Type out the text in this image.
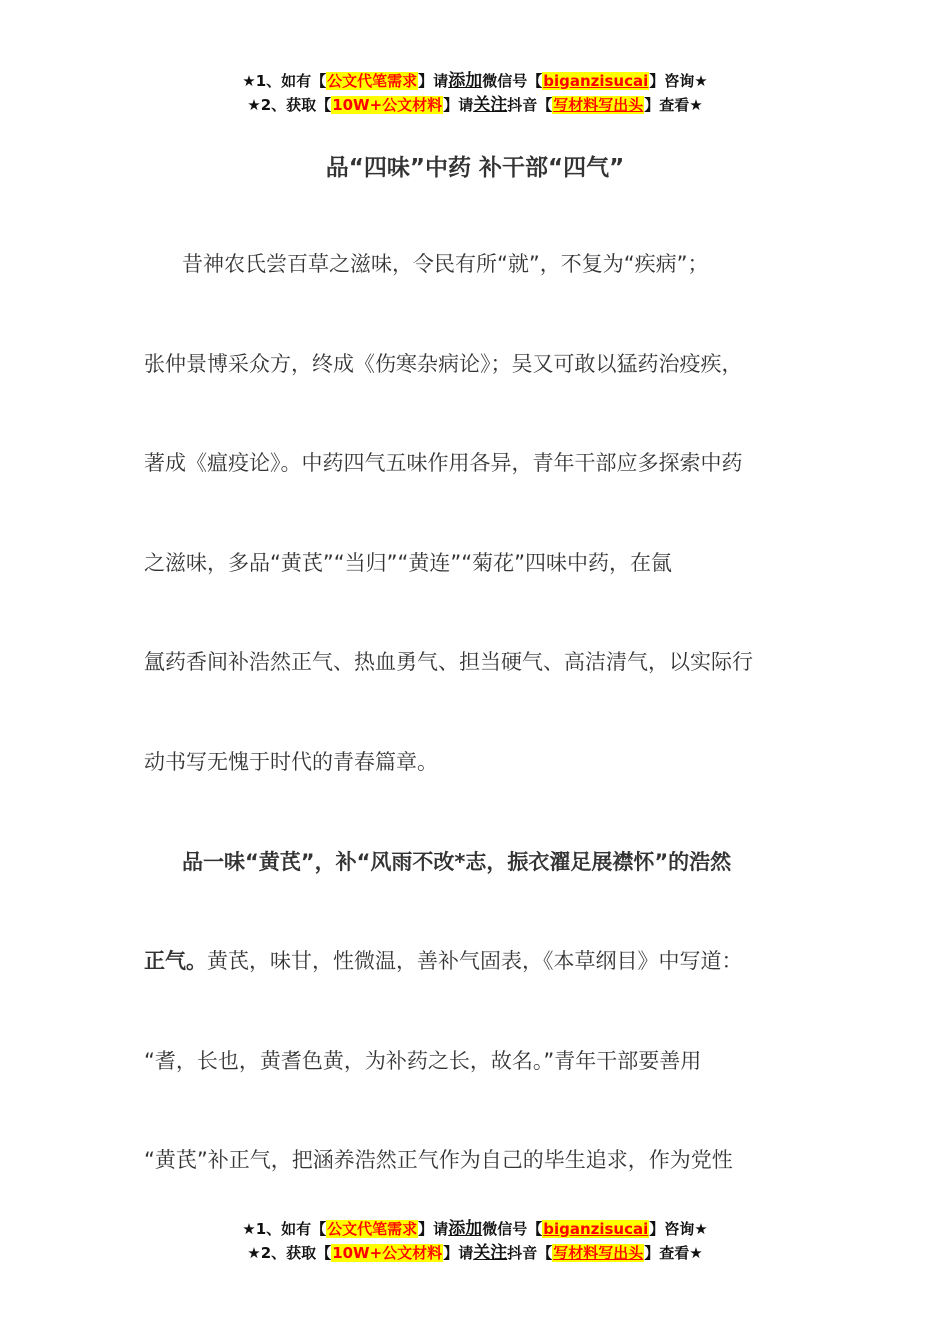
★1、如有【公文代笔需求】请添加微信号【biganzisucai】咨询★
★2、获取【10W+公文材料】请关注抖音【写材料写出头】查看★
品“四味”中药 补干部“四气”
昔神农氏尝百草之滋味，令民有所“就”，不复为“疾病”；
张仲景博采众方，终成《伤寒杂病论》；吴又可敢以猛药治疫疾，
著成《瘟疫论》。中药四气五味作用各异，青年干部应多探索中药
之滋味，多品“黄芪”“当归”“黄连”“菊花”四味中药，在氤
氲药香间补浩然正气、热血勇气、担当硬气、高洁清气，以实际行
动书写无愧于时代的青春篇章。
品一味“黄芪”，补“风雨不改*志，振衣濯足展襟怀”的浩然
正气。黄芪，味甘，性微温，善补气固表，《本草纲目》中写道：
“耆，长也，黄耆色黄，为补药之长，故名。”青年干部要善用
“黄芪”补正气，把涵养浩然正气作为自己的毕生追求，作为党性
★1、如有【公文代笔需求】请添加微信号【biganzisucai】咨询★
★2、获取【10W+公文材料】请关注抖音【写材料写出头】查看★
